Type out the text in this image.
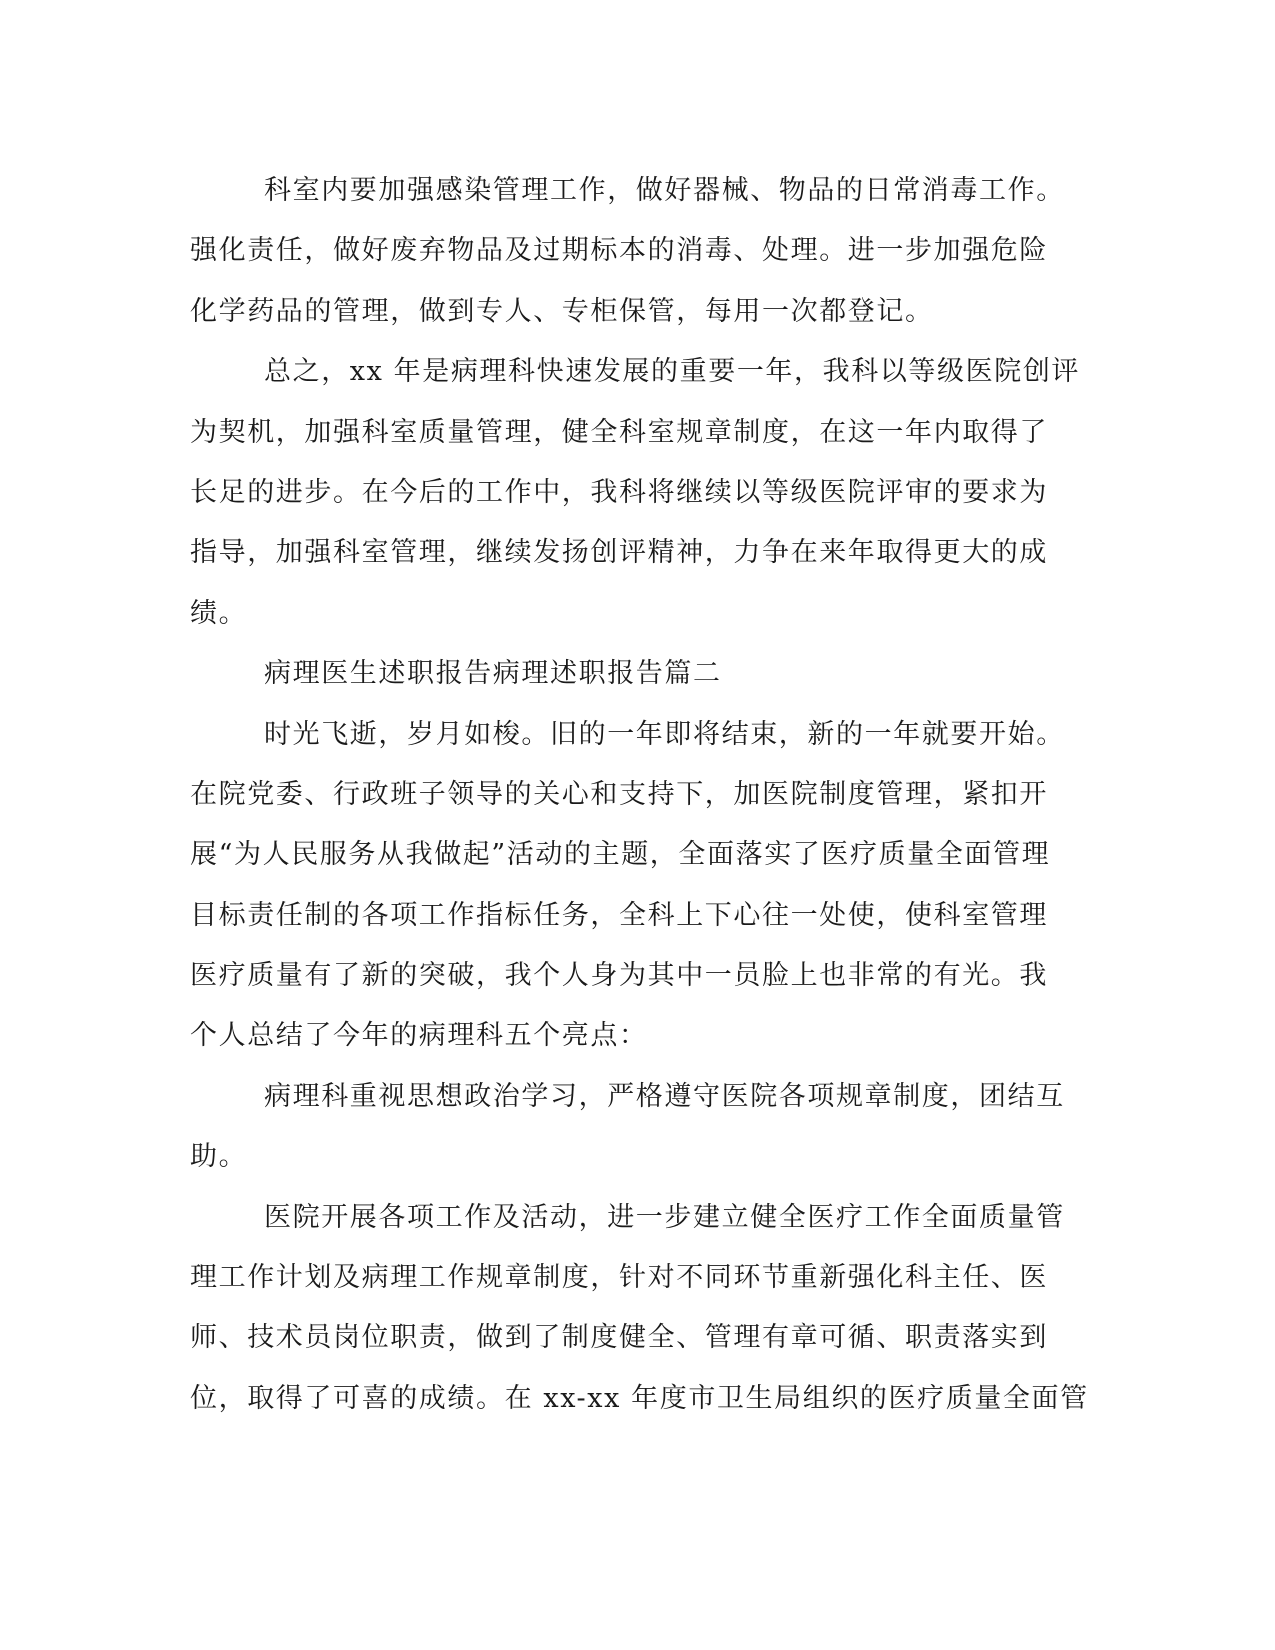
科室内要加强感染管理工作，做好器械、物品的日常消毒工作。
强化责任，做好废弃物品及过期标本的消毒、处理。进一步加强危险
化学药品的管理，做到专人、专柜保管，每用一次都登记。
总之，xx 年是病理科快速发展的重要一年，我科以等级医院创评
为契机，加强科室质量管理，健全科室规章制度，在这一年内取得了
长足的进步。在今后的工作中，我科将继续以等级医院评审的要求为
指导，加强科室管理，继续发扬创评精神，力争在来年取得更大的成
绩。
病理医生述职报告病理述职报告篇二
时光飞逝，岁月如梭。旧的一年即将结束，新的一年就要开始。
在院党委、行政班子领导的关心和支持下，加医院制度管理，紧扣开
展“为人民服务从我做起”活动的主题，全面落实了医疗质量全面管理
目标责任制的各项工作指标任务，全科上下心往一处使，使科室管理
医疗质量有了新的突破，我个人身为其中一员脸上也非常的有光。我
个人总结了今年的病理科五个亮点：
病理科重视思想政治学习，严格遵守医院各项规章制度，团结互
助。
医院开展各项工作及活动，进一步建立健全医疗工作全面质量管
理工作计划及病理工作规章制度，针对不同环节重新强化科主任、医
师、技术员岗位职责，做到了制度健全、管理有章可循、职责落实到
位，取得了可喜的成绩。在 xx-xx 年度市卫生局组织的医疗质量全面管
